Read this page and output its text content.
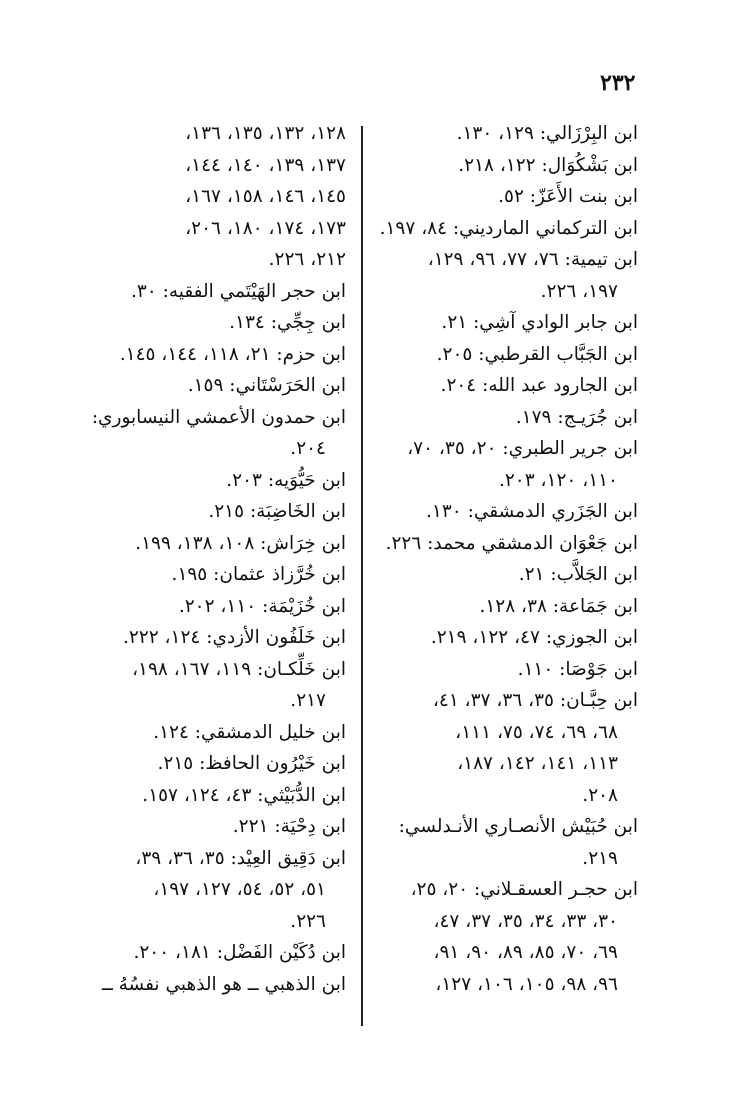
٢٣٢
ابن البِرْزَالي: ١٢٩، ١٣٠.
ابن بَشْكُوَال: ١٢٢، ٢١٨.
ابن بنت الأَعَزّ: ٥٢.
ابن التركماني المارديني: ٨٤، ١٩٧.
ابن تيمية: ٧٦، ٧٧، ٩٦، ١٢٩،
١٩٧، ٢٢٦.
ابن جابر الوادي آشِي: ٢١.
ابن الجَبَّاب القرطبي: ٢٠٥.
ابن الجارود عبد الله: ٢٠٤.
ابن جُرَيـج: ١٧٩.
ابن جرير الطبري: ٢٠، ٣٥، ٧٠،
١١٠، ١٢٠، ٢٠٣.
ابن الجَزَري الدمشقي: ١٣٠.
ابن جَعْوَان الدمشقي محمد: ٢٢٦.
ابن الجَلاَّب: ٢١.
ابن جَمَاعة: ٣٨، ١٢٨.
ابن الجوزي: ٤٧، ١٢٢، ٢١٩.
ابن جَوْصَا: ١١٠.
ابن حِبَّـان: ٣٥، ٣٦، ٣٧، ٤١،
٦٨، ٦٩، ٧٤، ٧٥، ١١١،
١١٣، ١٤١، ١٤٢، ١٨٧،
٢٠٨.
ابن حُبَيْش الأنصـاري الأنـدلسي:
٢١٩.
ابن حجـر العسقـلاني: ٢٠، ٢٥،
٣٠، ٣٣، ٣٤، ٣٥، ٣٧، ٤٧،
٦٩، ٧٠، ٨٥، ٨٩، ٩٠، ٩١،
٩٦، ٩٨، ١٠٥، ١٠٦، ١٢٧،
١٢٨، ١٣٢، ١٣٥، ١٣٦،
١٣٧، ١٣٩، ١٤٠، ١٤٤،
١٤٥، ١٤٦، ١٥٨، ١٦٧،
١٧٣، ١٧٤، ١٨٠، ٢٠٦،
٢١٢، ٢٢٦.
ابن حجر الهَيْتَمي الفقيه: ٣٠.
ابن جِجِّي: ١٣٤.
ابن حزم: ٢١، ١١٨، ١٤٤، ١٤٥.
ابن الحَرَسْتَاني: ١٥٩.
ابن حمدون الأعمشي النيسابوري:
٢٠٤.
ابن حَيُّوَيه: ٢٠٣.
ابن الخَاضِبَة: ٢١٥.
ابن خِرَاش: ١٠٨، ١٣٨، ١٩٩.
ابن خُرَّزاذ عثمان: ١٩٥.
ابن خُزَيْمَة: ١١٠، ٢٠٢.
ابن خَلَفُون الأزدي: ١٢٤، ٢٢٢.
ابن خَلِّكـان: ١١٩، ١٦٧، ١٩٨،
٢١٧.
ابن خليل الدمشقي: ١٢٤.
ابن خَيْرُون الحافظ: ٢١٥.
ابن الدُّبَيْثي: ٤٣، ١٢٤، ١٥٧.
ابن دِحْيَة: ٢٢١.
ابن دَقِيق العِيْد: ٣٥، ٣٦، ٣٩،
٥١، ٥٢، ٥٤، ١٢٧، ١٩٧،
٢٢٦.
ابن دُكَيْن الفَضْل: ١٨١، ٢٠٠.
ابن الذهبي ــ هو الذهبي نفسُهُ ــ
